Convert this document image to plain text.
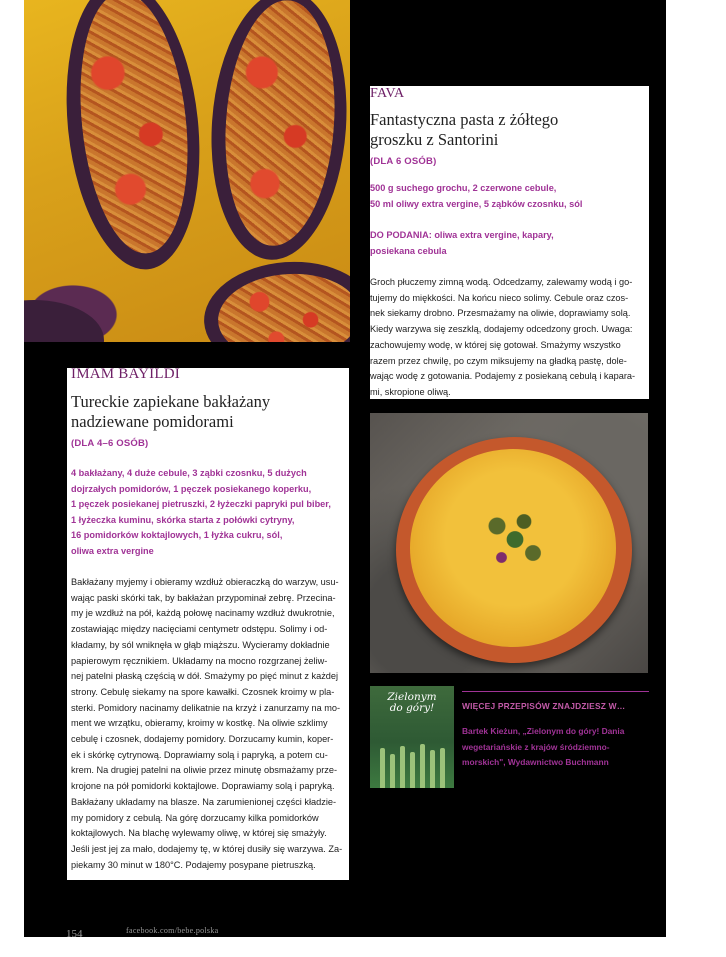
FAVA
Fantastyczna pasta z żółtego
groszku z Santorini
(DLA 6 OSÓB)
500 g suchego grochu, 2 czerwone cebule,
50 ml oliwy extra vergine, 5 ząbków czosnku, sól
DO PODANIA: oliwa extra vergine, kapary,
posiekana cebula
Groch płuczemy zimną wodą. Odcedzamy, zalewamy wodą i go-
tujemy do miękkości. Na końcu nieco solimy. Cebule oraz czos-
nek siekamy drobno. Przesmażamy na oliwie, doprawiamy solą.
Kiedy warzywa się zeszklą, dodajemy odcedzony groch. Uwaga:
zachowujemy wodę, w której się gotował. Smażymy wszystko
razem przez chwilę, po czym miksujemy na gładką pastę, dole-
wając wodę z gotowania. Podajemy z posiekaną cebulą i kapara-
mi, skropione oliwą.
IMAM BAYILDI
Tureckie zapiekane bakłażany
nadziewane pomidorami
(DLA 4–6 OSÓB)
4 bakłażany, 4 duże cebule, 3 ząbki czosnku, 5 dużych
dojrzałych pomidorów, 1 pęczek posiekanego koperku,
1 pęczek posiekanej pietruszki, 2 łyżeczki papryki pul biber,
1 łyżeczka kuminu, skórka starta z połówki cytryny,
16 pomidorków koktajlowych, 1 łyżka cukru, sól,
oliwa extra vergine
Bakłażany myjemy i obieramy wzdłuż obieraczką do warzyw, usu-
wając paski skórki tak, by bakłażan przypominał zebrę. Przecina-
my je wzdłuż na pół, każdą połowę nacinamy wzdłuż dwukrotnie,
zostawiając między nacięciami centymetr odstępu. Solimy i od-
kładamy, by sól wniknęła w głąb miąższu. Wycieramy dokładnie
papierowym ręcznikiem. Układamy na mocno rozgrzanej żeliw-
nej patelni płaską częścią w dół. Smażymy po pięć minut z każdej
strony. Cebulę siekamy na spore kawałki. Czosnek kroimy w pla-
sterki. Pomidory nacinamy delikatnie na krzyż i zanurzamy na mo-
ment we wrzątku, obieramy, kroimy w kostkę. Na oliwie szklimy
cebulę i czosnek, dodajemy pomidory. Dorzucamy kumin, koper-
ek i skórkę cytrynową. Doprawiamy solą i papryką, a potem cu-
krem. Na drugiej patelni na oliwie przez minutę obsmażamy prze-
krojone na pół pomidorki koktajlowe. Doprawiamy solą i papryką.
Bakłażany układamy na blasze. Na zarumienionej części kładzie-
my pomidory z cebulą. Na górę dorzucamy kilka pomidorków
koktajlowych. Na blachę wylewamy oliwę, w której się smażyły.
Jeśli jest jej za mało, dodajemy tę, w której dusiły się warzywa. Za-
piekamy 30 minut w 180°C. Podajemy posypane pietruszką.
Zielonym
do góry!	WIĘCEJ PRZEPISÓW ZNAJDZIESZ W…
Bartek Kieżun, „Zielonym do góry! Dania
wegetariańskie z krajów śródziemno-
morskich", Wydawnictwo Buchmann
154	facebook.com/bebe.polska
